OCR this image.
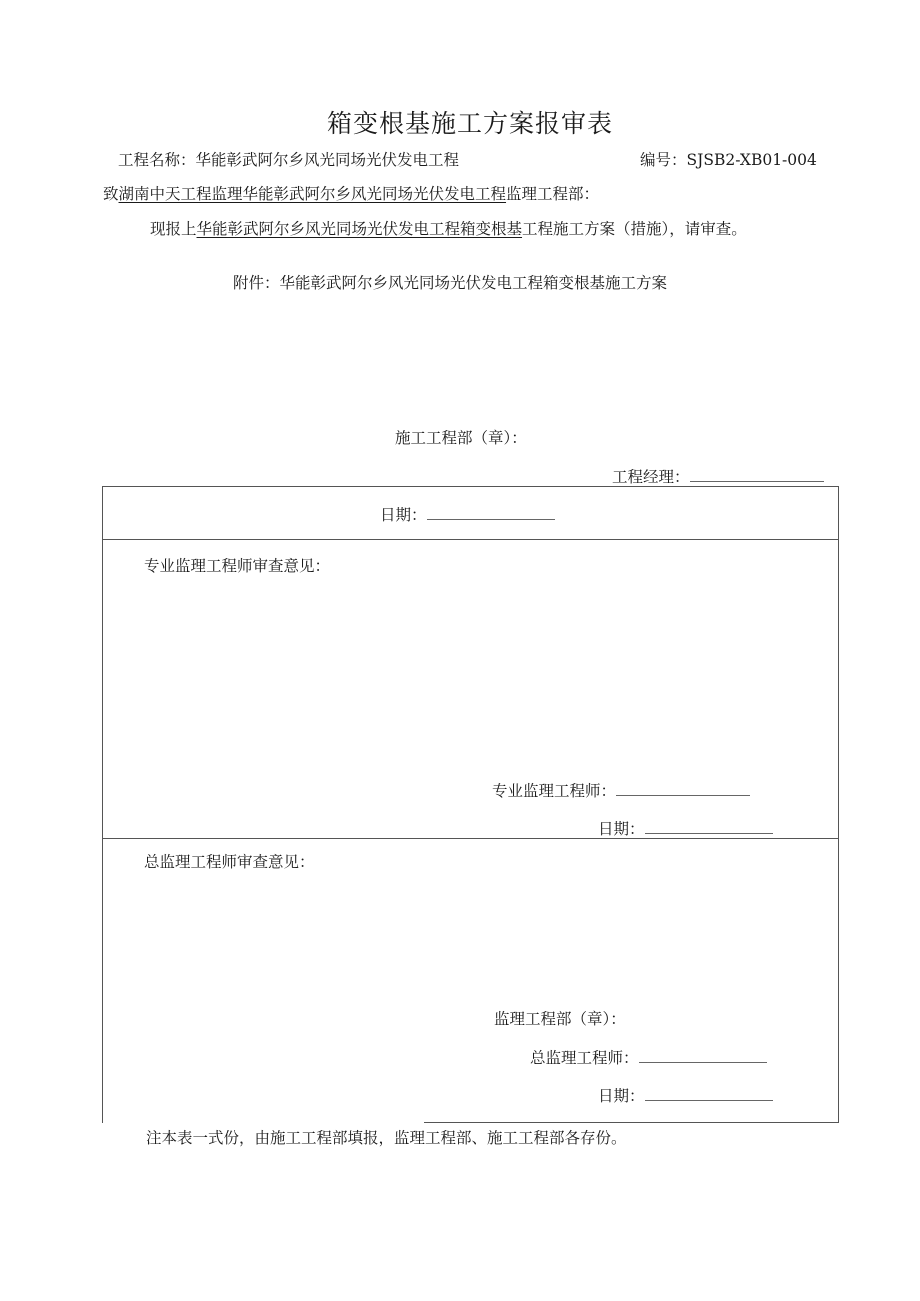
箱变根基施工方案报审表
工程名称：华能彰武阿尔乡风光同场光伏发电工程	编号：SJSB2-XB01-004
致湖南中天工程监理华能彰武阿尔乡风光同场光伏发电工程监理工程部：
现报上华能彰武阿尔乡风光同场光伏发电工程箱变根基工程施工方案（措施），请审查。
附件：华能彰武阿尔乡风光同场光伏发电工程箱变根基施工方案
施工工程部（章）：
工程经理：
日期：
专业监理工程师审查意见：
专业监理工程师：
日期：
总监理工程师审查意见：
监理工程部（章）：
总监理工程师：
日期：
注本表一式份，由施工工程部填报，监理工程部、施工工程部各存份。
